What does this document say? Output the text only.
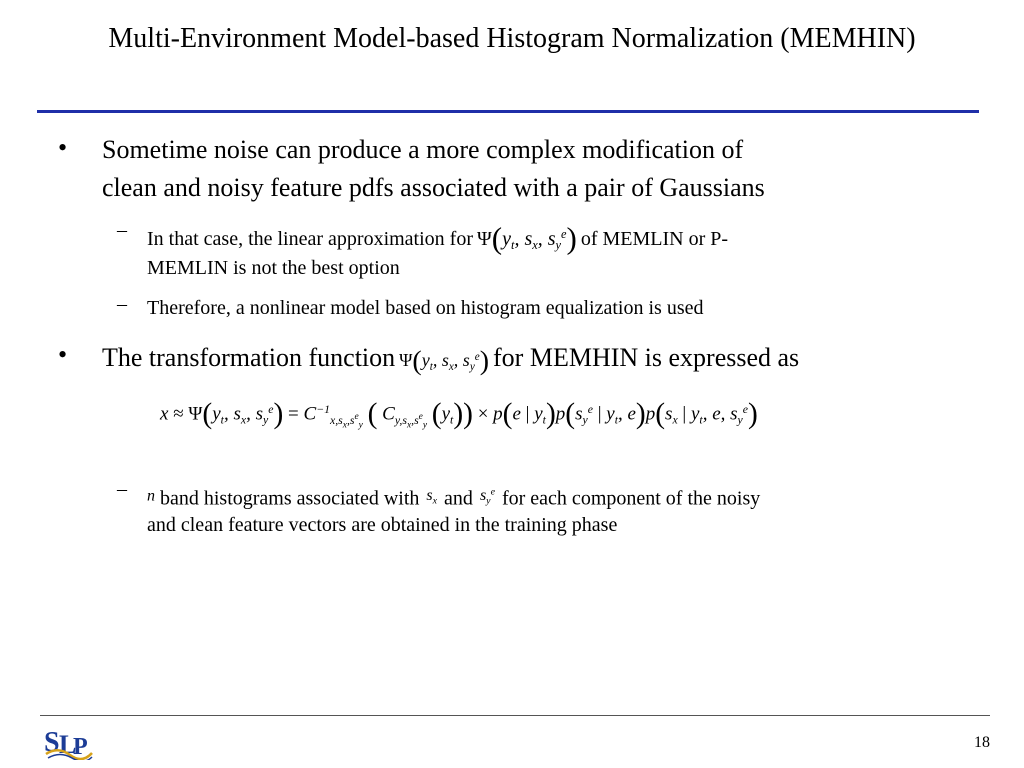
Multi-Environment Model-based Histogram Normalization (MEMHIN)
• Sometime noise can produce a more complex modification of
clean and noisy feature pdfs associated with a pair of Gaussians
– In that case, the linear approximation for $\Psi(y_t$, $s_x$, $s_y^e$) of MEMLIN or P-
MEMLIN is not the best option
– Therefore, a nonlinear model based on histogram equalization is used
• The transformation function $\Psi(y_t$, $s_x$, $s_y^e$) for MEMHIN is expressed as
$x \approx \Psi(y_t$, $s_x$, $s_y^e) = C^{-1}_{x,s_x,s^e_y}$ ( $C_{y,s_x,s^e_y}$ $(y_t)) \times p(e$ | $y_t)p(s_y^e$ | $y_t$, $e)p(s_x$ | $y_t$, e, $s_y^e$)
– $^n$ band histograms associated with $^{s_x}$ and $^{s_y^e}$ for each component of the noisy
and clean feature vectors are obtained in the training phase
S L
P	18
